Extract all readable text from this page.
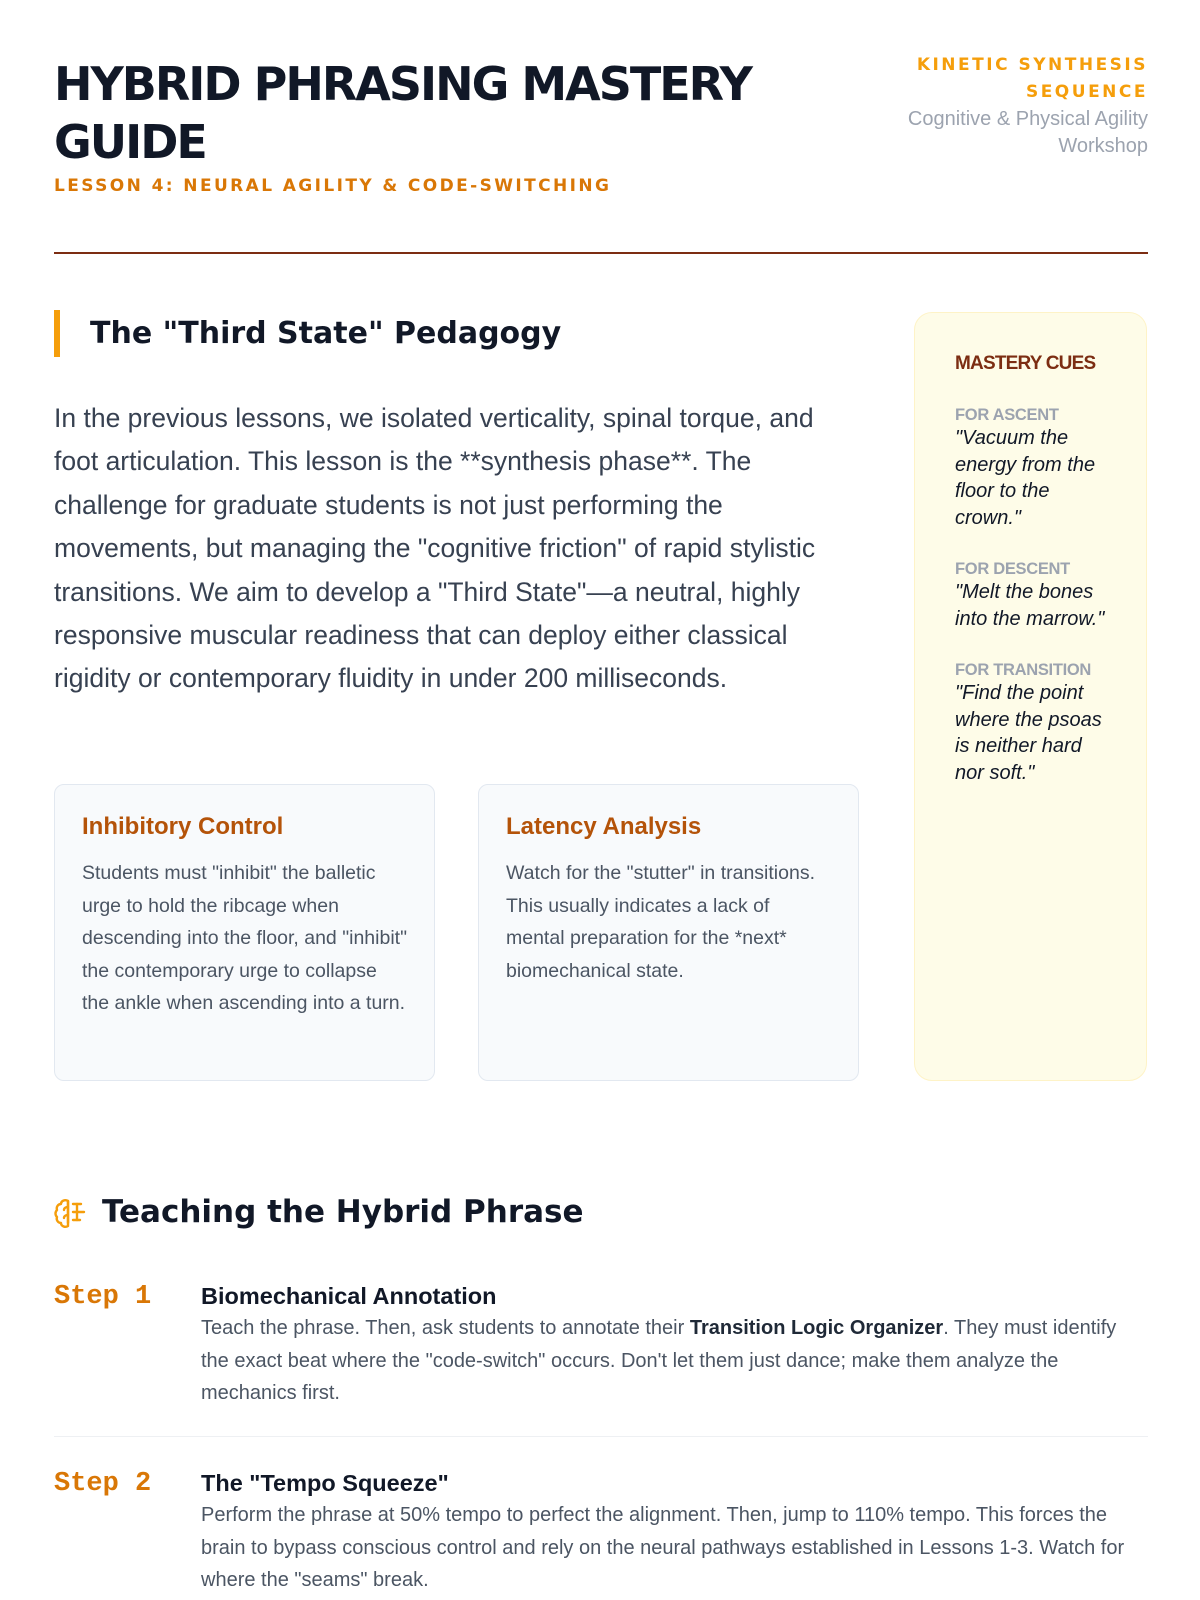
HYBRID PHRASING MASTERY GUIDE
LESSON 4: NEURAL AGILITY & CODE-SWITCHING
KINETIC SYNTHESIS SEQUENCE
Cognitive & Physical Agility Workshop
The "Third State" Pedagogy

In the previous lessons, we isolated verticality, spinal torque, and foot articulation. This lesson is the **synthesis phase**. The challenge for graduate students is not just performing the movements, but managing the "cognitive friction" of rapid stylistic transitions. We aim to develop a "Third State"—a neutral, highly responsive muscular readiness that can deploy either classical rigidity or contemporary fluidity in under 200 milliseconds.

Inhibitory Control

Students must "inhibit" the balletic urge to hold the ribcage when descending into the floor, and "inhibit" the contemporary urge to collapse the ankle when ascending into a turn.

Latency Analysis

Watch for the "stutter" in transitions. This usually indicates a lack of mental preparation for the *next* biomechanical state.

MASTERY CUES
FOR ASCENT
"Vacuum the energy from the floor to the crown."
FOR DESCENT
"Melt the bones into the marrow."
FOR TRANSITION
"Find the point where the psoas is neither hard nor soft."
Teaching the Hybrid Phrase
Step 1 Biomechanical Annotation

Teach the phrase. Then, ask students to annotate their Transition Logic Organizer. They must identify the exact beat where the "code-switch" occurs. Don't let them just dance; make them analyze the mechanics first.

Step 2 The "Tempo Squeeze"

Perform the phrase at 50% tempo to perfect the alignment. Then, jump to 110% tempo. This forces the brain to bypass conscious control and rely on the neural pathways established in Lessons 1-3. Watch for where the "seams" break.
